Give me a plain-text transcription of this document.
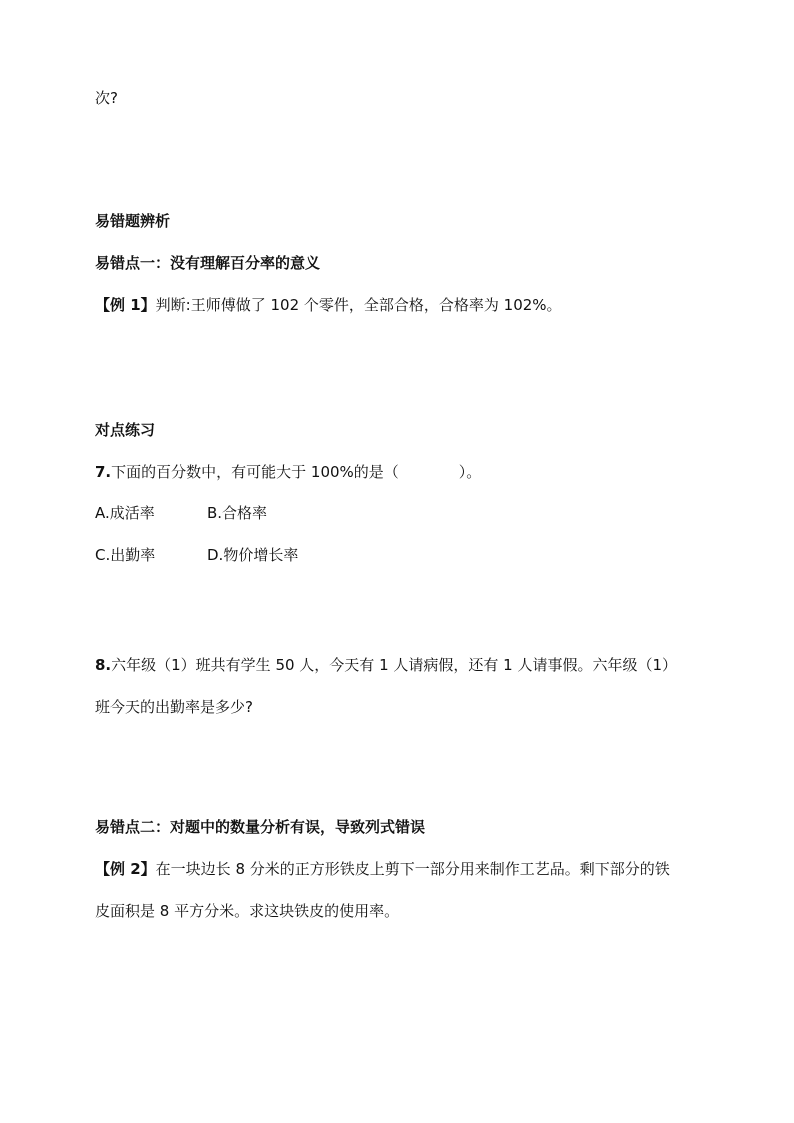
次?
易错题辨析
易错点一：没有理解百分率的意义
【例 1】判断:王师傅做了 102 个零件，全部合格，合格率为 102%。
对点练习
7.下面的百分数中，有可能大于 100%的是（　　　　）。
A.成活率	B.合格率
C.出勤率	D.物价增长率
8.六年级（1）班共有学生 50 人，今天有 1 人请病假，还有 1 人请事假。六年级（1）
班今天的出勤率是多少?
易错点二：对题中的数量分析有误，导致列式错误
【例 2】在一块边长 8 分米的正方形铁皮上剪下一部分用来制作工艺品。剩下部分的铁
皮面积是 8 平方分米。求这块铁皮的使用率。
